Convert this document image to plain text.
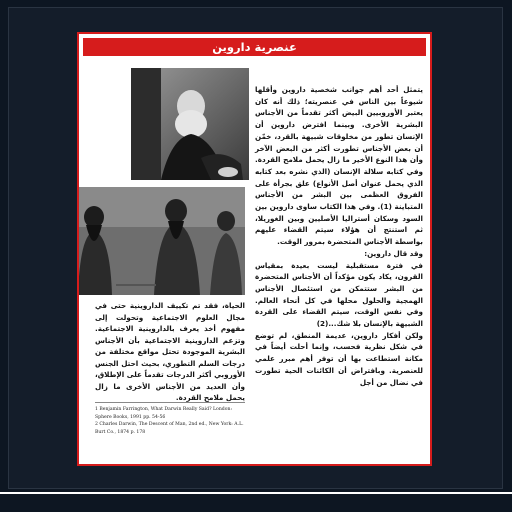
عنصرية داروين

يتمثل أحد أهم جوانب شخصية داروين وأقلها شيوعاً بين الناس في عنصريته؛ ذلك أنه كان يعتبر الأوروبيين البيض أكثر تقدماً من الأجناس البشرية الأخرى. وبينما افترض داروين أن الإنسان تطور من مخلوقات شبيهة بالقرد، خمّن أن بعض الأجناس تطورت أكثر من البعض الآخر وأن هذا النوع الأخير ما زال يحمل ملامح القردة. وفي كتابه سلالة الإنسان (الذي نشره بعد كتابه الذي يحمل عنوان أصل الأنواع) علق بجرأة على الفروق العظمى بين البشر من الأجناس المتباينة (1). وفي هذا الكتاب ساوى داروين بين السود وسكان أستراليا الأصليين وبين الغوريلا، ثم استنتج أن هؤلاء سيتم القضاء عليهم بواسطة الأجناس المتحضرة بمرور الوقت.

وقد قال داروين:

في فترة مستقبلية ليست بعيدة بمقياس القرون، يكاد يكون مؤكداً أن الأجناس المتحضرة من البشر ستتمكن من استئصال الأجناس الهمجية والحلول محلها في كل أنحاء العالم. وفي نفس الوقت، سيتم القضاء على القردة الشبيهة بالإنسان بلا شك...(2)

ولكن أفكار داروين، عديمة المنطق، لم توضع في شكل نظرية فحسب، وإنما أحلت أيضاً في مكانة استطاعت بها أن توفر أهم مبرر علمي للعنصرية. وبافتراض أن الكائنات الحية تطورت في نضال من أجل

الحياة، فقد تم تكييف الداروينية حتى في مجال العلوم الاجتماعية وتحولت إلى مفهوم أخذ يعرف بالداروينية الاجتماعية. وتزعم الداروينية الاجتماعية بأن الأجناس البشرية الموجودة تحتل مواقع مختلفة من درجات السلم التطوري، بحيث احتل الجنس الأوروبي أكثر الدرجات تقدماً على الإطلاق، وأن العديد من الأجناس الأخرى ما زال يحمل ملامح القردة.

1 Benjamin Farrington, What Darwin Really Said? London: Sphere Books, 1991 pp. 54-56

2 Charles Darwin, The Descent of Man, 2nd ed., New York: A.L. Burt Co., 1874 p. 178
